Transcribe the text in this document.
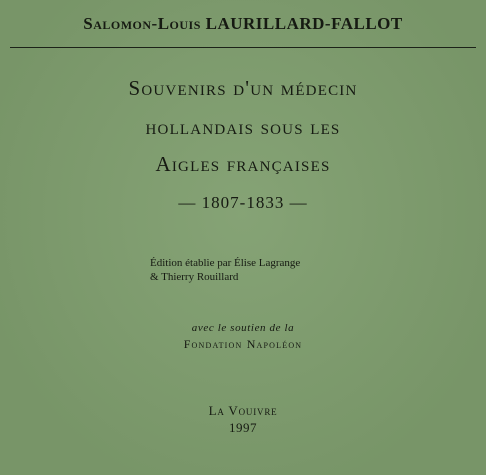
Salomon-Louis LAURILLARD-FALLOT
Souvenirs d'un médecin
hollandais sous les
Aigles françaises
— 1807-1833 —
Édition établie par Élise Lagrange
& Thierry Rouillard
avec le soutien de la
Fondation Napoléon
La Vouivre
1997
